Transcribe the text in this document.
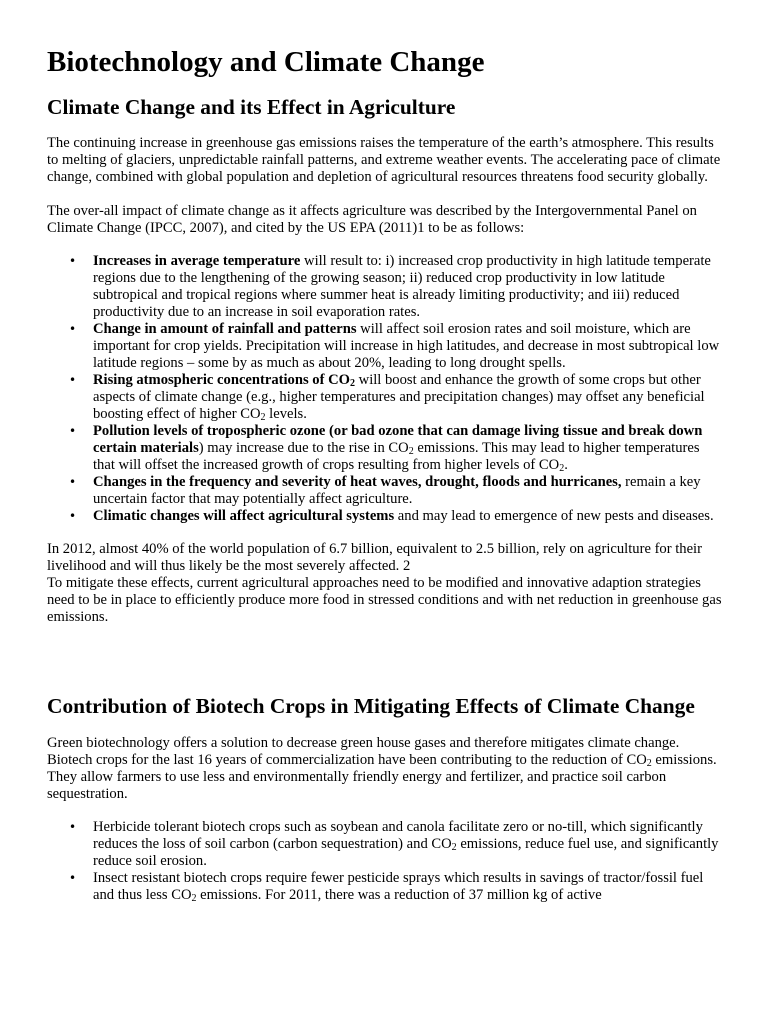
Biotechnology and Climate Change
Climate Change and its Effect in Agriculture

The continuing increase in greenhouse gas emissions raises the temperature of the earth’s atmosphere. This results to melting of glaciers, unpredictable rainfall patterns, and extreme weather events. The accelerating pace of climate change, combined with global population and depletion of agricultural resources threatens food security globally.

The over-all impact of climate change as it affects agriculture was described by the Intergovernmental Panel on Climate Change (IPCC, 2007), and cited by the US EPA (2011)1 to be as follows:

• Increases in average temperature will result to: i) increased crop productivity in high latitude temperate regions due to the lengthening of the growing season; ii) reduced crop productivity in low latitude subtropical and tropical regions where summer heat is already limiting productivity; and iii) reduced productivity due to an increase in soil evaporation rates.
• Change in amount of rainfall and patterns will affect soil erosion rates and soil moisture, which are important for crop yields. Precipitation will increase in high latitudes, and decrease in most subtropical low latitude regions – some by as much as about 20%, leading to long drought spells.
• Rising atmospheric concentrations of $CO_2$ will boost and enhance the growth of some crops but other aspects of climate change (e.g., higher temperatures and precipitation changes) may offset any beneficial boosting effect of higher $CO_2$ levels.
• Pollution levels of tropospheric ozone (or bad ozone that can damage living tissue and break down certain materials) may increase due to the rise in $CO_2$ emissions. This may lead to higher temperatures that will offset the increased growth of crops resulting from higher levels of $CO_2$.
• Changes in the frequency and severity of heat waves, drought, floods and hurricanes, remain a key uncertain factor that may potentially affect agriculture.
• Climatic changes will affect agricultural systems and may lead to emergence of new pests and diseases.

In 2012, almost 40% of the world population of 6.7 billion, equivalent to 2.5 billion, rely on agriculture for their livelihood and will thus likely be the most severely affected. 2

To mitigate these effects, current agricultural approaches need to be modified and innovative adaption strategies need to be in place to efficiently produce more food in stressed conditions and with net reduction in greenhouse gas emissions.

Contribution of Biotech Crops in Mitigating Effects of Climate Change

Green biotechnology offers a solution to decrease green house gases and therefore mitigates climate change. Biotech crops for the last 16 years of commercialization have been contributing to the reduction of $CO_2$ emissions. They allow farmers to use less and environmentally friendly energy and fertilizer, and practice soil carbon sequestration.

• Herbicide tolerant biotech crops such as soybean and canola facilitate zero or no-till, which significantly reduces the loss of soil carbon (carbon sequestration) and $CO_2$ emissions, reduce fuel use, and significantly reduce soil erosion.
• Insect resistant biotech crops require fewer pesticide sprays which results in savings of tractor/fossil fuel and thus less $CO_2$ emissions. For 2011, there was a reduction of 37 million kg of active
